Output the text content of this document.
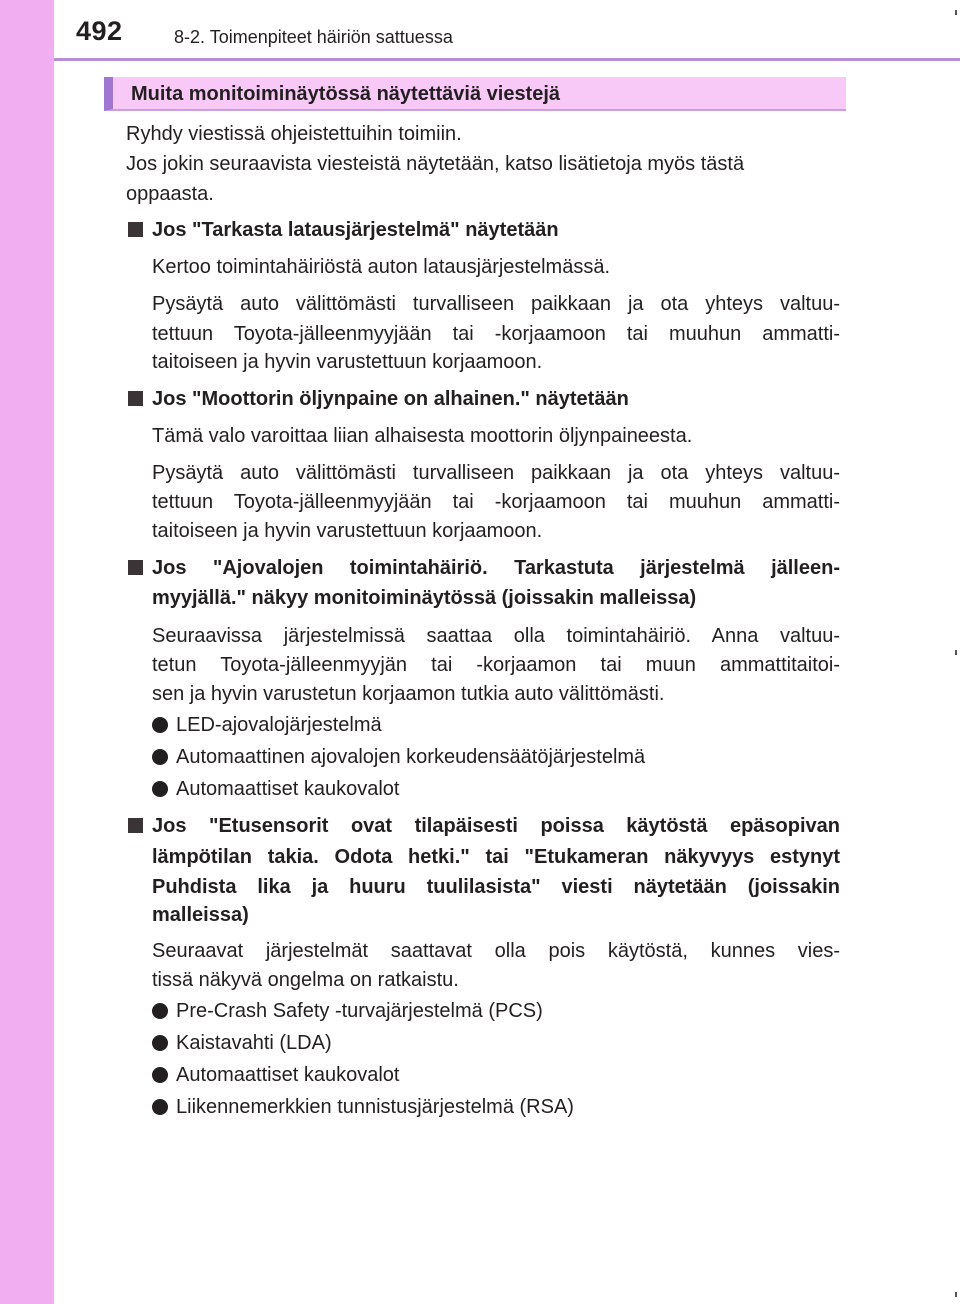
492	8-2. Toimenpiteet häiriön sattuessa
Muita monitoiminäytössä näytettäviä viestejä
Ryhdy viestissä ohjeistettuihin toimiin.
Jos jokin seuraavista viesteistä näytetään, katso lisätietoja myös tästä
oppaasta.
Jos "Tarkasta latausjärjestelmä" näytetään
Kertoo toimintahäiriöstä auton latausjärjestelmässä.
Pysäytä auto välittömästi turvalliseen paikkaan ja ota yhteys valtuu-
tettuun Toyota-jälleenmyyjään tai -korjaamoon tai muuhun ammatti-
taitoiseen ja hyvin varustettuun korjaamoon.
Jos "Moottorin öljynpaine on alhainen." näytetään
Tämä valo varoittaa liian alhaisesta moottorin öljynpaineesta.
Pysäytä auto välittömästi turvalliseen paikkaan ja ota yhteys valtuu-
tettuun Toyota-jälleenmyyjään tai -korjaamoon tai muuhun ammatti-
taitoiseen ja hyvin varustettuun korjaamoon.
Jos "Ajovalojen toimintahäiriö. Tarkastuta järjestelmä jälleen-
myyjällä." näkyy monitoiminäytössä (joissakin malleissa)
Seuraavissa järjestelmissä saattaa olla toimintahäiriö. Anna valtuu-
tetun Toyota-jälleenmyyjän tai -korjaamon tai muun ammattitaitoi-
sen ja hyvin varustetun korjaamon tutkia auto välittömästi.
LED-ajovalojärjestelmä
Automaattinen ajovalojen korkeudensäätöjärjestelmä
Automaattiset kaukovalot
Jos "Etusensorit ovat tilapäisesti poissa käytöstä epäsopivan
lämpötilan takia. Odota hetki." tai "Etukameran näkyvyys estynyt
Puhdista lika ja huuru tuulilasista" viesti näytetään (joissakin
malleissa)
Seuraavat järjestelmät saattavat olla pois käytöstä, kunnes vies-
tissä näkyvä ongelma on ratkaistu.
Pre-Crash Safety -turvajärjestelmä (PCS)
Kaistavahti (LDA)
Automaattiset kaukovalot
Liikennemerkkien tunnistusjärjestelmä (RSA)
